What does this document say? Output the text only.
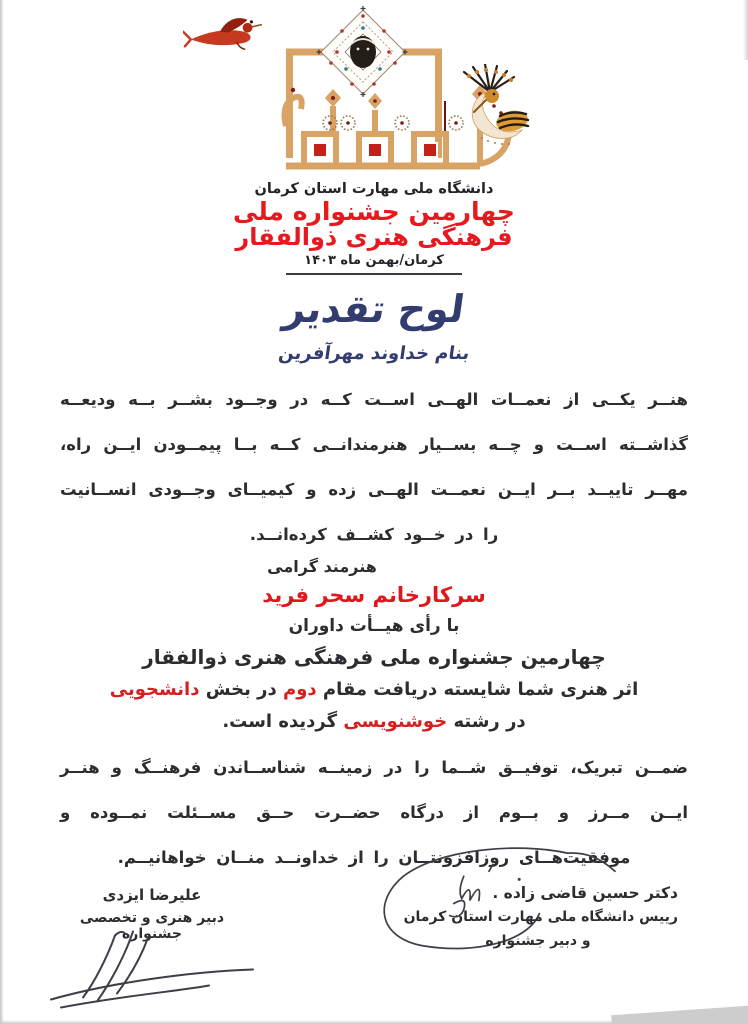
دانشگاه ملی مهارت استان کرمان
چهارمین جشنواره ملی
فرهنگی هنری ذوالفقار
کرمان/بهمن ماه ۱۴۰۳
لوح تقدیر
بنام خداوند مهرآفرین

هنــر یکــی از نعمــات الهــی اســت کــه در وجــود بشــر بــه ودیعــه گذاشــته اســت و چــه بســیار هنرمندانــی کــه بــا پیمــودن ایــن راه، مهــر تاییــد بــر ایــن نعمــت الهــی زده و کیمیــای وجــودی انســانیت را در خــود کشــف کرده‌انــد.

هنرمند گرامی
سرکارخانم سحر فرید
با رأی هیــأت داوران
چهارمین جشنواره ملی فرهنگی هنری ذوالفقار
اثر هنری شما شایسته دریافت مقام دوم در بخش دانشجویی
در رشته خوشنویسی گردیده است.

ضمــن تبریک، توفیــق شــما را در زمینــه شناســاندن فرهنــگ و هنــر ایــن مــرز و بــوم از درگاه حضــرت حــق مســئلت نمــوده و موفقیت‌هــای روزافزونتــان را از خداونــد منــان خواهانیــم.

دکتر حسین قاضی زاده .
رییس دانشگاه ملی مهارت استان کرمان
و دبیر جشنواره
علیرضا ایزدی
دبیر هنری و تخصصی جشنواره
